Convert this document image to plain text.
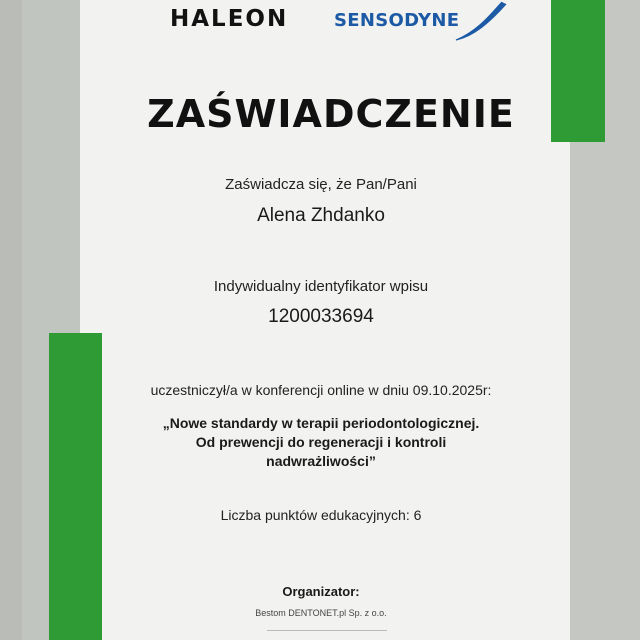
HALEON	SENSODYNE
ZAŚWIADCZENIE
Zaświadcza się, że Pan/Pani
Alena Zhdanko
Indywidualny identyfikator wpisu
1200033694
uczestniczył/a w konferencji online w dniu 09.10.2025r:
„Nowe standardy w terapii periodontologicznej.
Od prewencji do regeneracji i kontroli
nadwrażliwości”
Liczba punktów edukacyjnych: 6
Organizator:
Bestom DENTONET.pl Sp. z o.o.
